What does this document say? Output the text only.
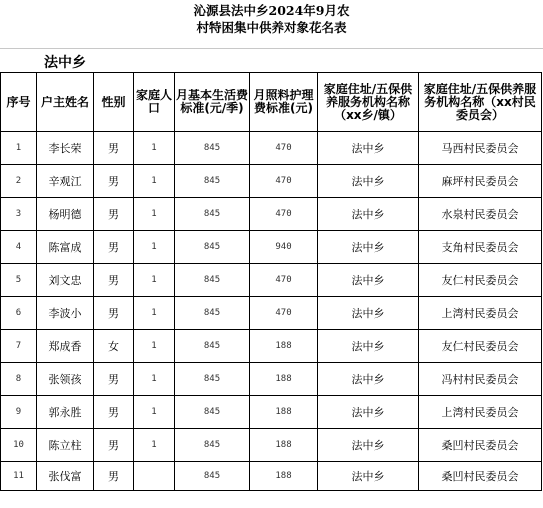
沁源县法中乡2024年9月农
村特困集中供养对象花名表
法中乡
序号	户主姓名	性别	家庭人口	月基本生活费标准(元/季)	月照料护理费标准(元)	家庭住址/五保供养服务机构名称（xx乡/镇）	家庭住址/五保供养服务机构名称（xx村民委员会）

1	李长荣	男	1	845	470	法中乡	马西村民委员会
2	辛观江	男	1	845	470	法中乡	麻坪村民委员会
3	杨明德	男	1	845	470	法中乡	水泉村民委员会
4	陈富成	男	1	845	940	法中乡	支角村民委员会
5	刘文忠	男	1	845	470	法中乡	友仁村民委员会
6	李波小	男	1	845	470	法中乡	上湾村民委员会
7	郑成香	女	1	845	188	法中乡	友仁村民委员会
8	张领孩	男	1	845	188	法中乡	冯村村民委员会
9	郭永胜	男	1	845	188	法中乡	上湾村民委员会
10	陈立柱	男	1	845	188	法中乡	桑凹村民委员会
11	张伐富	男		845	188	法中乡	桑凹村民委员会
